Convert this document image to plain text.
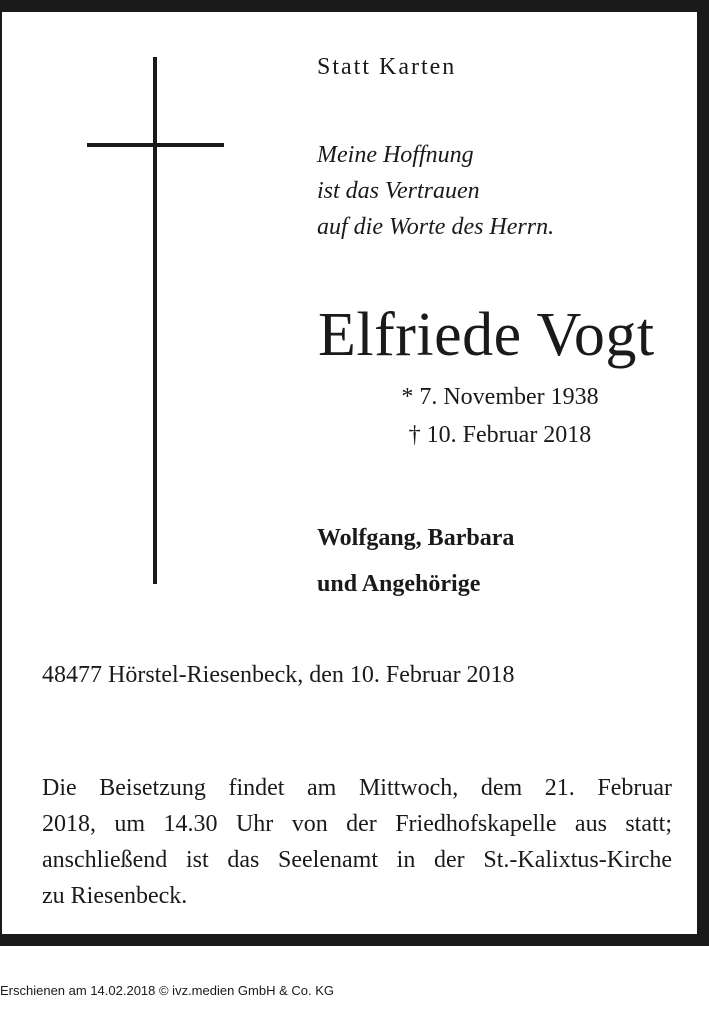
Statt Karten
Meine Hoffnung
ist das Vertrauen
auf die Worte des Herrn.
Elfriede Vogt
* 7. November 1938
† 10. Februar 2018
Wolfgang, Barbara
und Angehörige
48477 Hörstel-Riesenbeck, den 10. Februar 2018
Die Beisetzung findet am Mittwoch, dem 21. Februar
2018, um 14.30 Uhr von der Friedhofskapelle aus statt;
anschließend ist das Seelenamt in der St.-Kalixtus-Kirche
zu Riesenbeck.
Erschienen am 14.02.2018 © ivz.medien GmbH & Co. KG
